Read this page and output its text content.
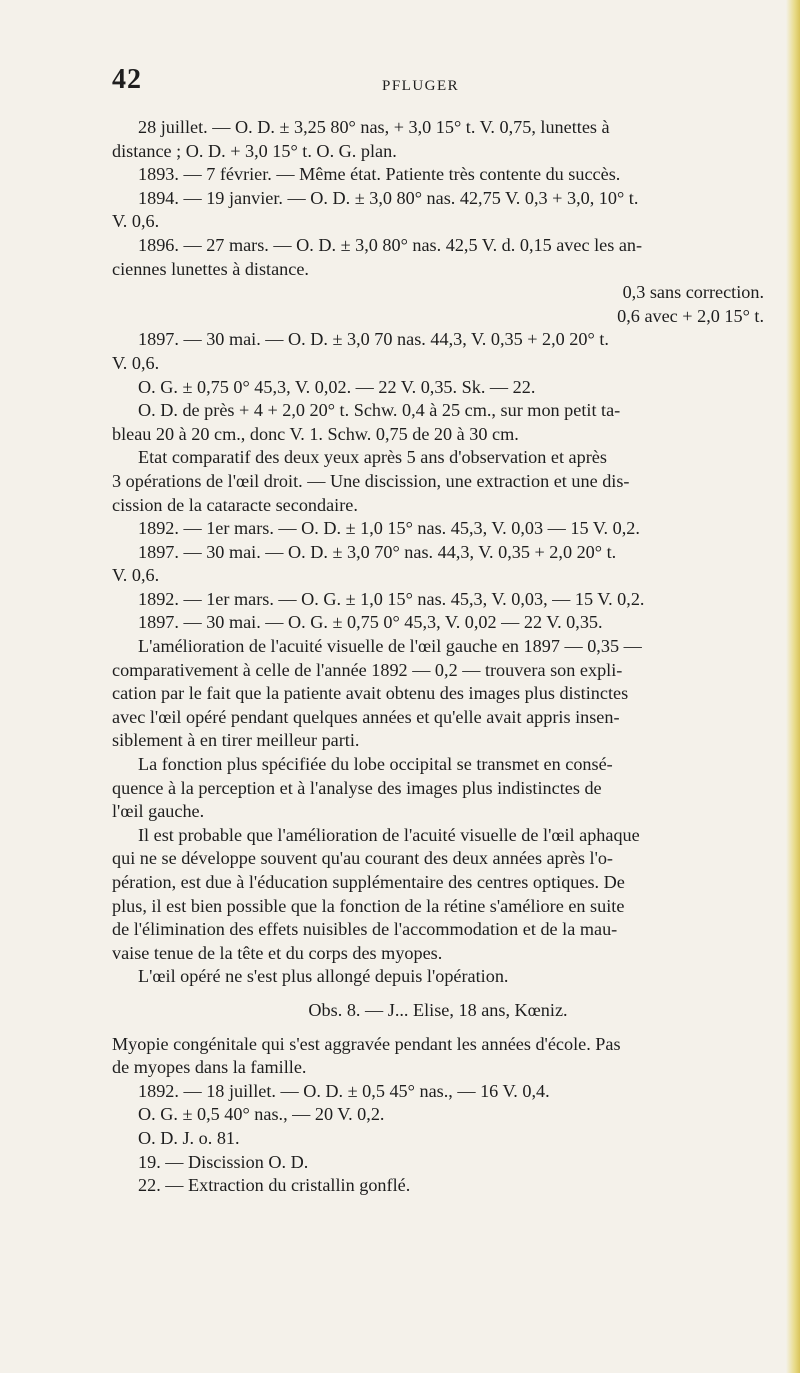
42	PFLUGER
28 juillet. — O. D. ± 3,25 80° nas, + 3,0 15° t. V. 0,75, lunettes à
distance ; O. D. + 3,0 15° t. O. G. plan.
1893. — 7 février. — Même état. Patiente très contente du succès.
1894. — 19 janvier. — O. D. ± 3,0 80° nas. 42,75 V. 0,3 + 3,0, 10° t.
V. 0,6.
1896. — 27 mars. — O. D. ± 3,0 80° nas. 42,5 V. d. 0,15 avec les an-
ciennes lunettes à distance.
0,3 sans correction.
0,6 avec + 2,0 15° t.
1897. — 30 mai. — O. D. ± 3,0 70 nas. 44,3, V. 0,35 + 2,0 20° t.
V. 0,6.
O. G. ± 0,75 0° 45,3, V. 0,02. — 22 V. 0,35. Sk. — 22.
O. D. de près + 4 + 2,0 20° t. Schw. 0,4 à 25 cm., sur mon petit ta-
bleau 20 à 20 cm., donc V. 1. Schw. 0,75 de 20 à 30 cm.
Etat comparatif des deux yeux après 5 ans d'observation et après
3 opérations de l'œil droit. — Une discission, une extraction et une dis-
cission de la cataracte secondaire.
1892. — 1er mars. — O. D. ± 1,0 15° nas. 45,3, V. 0,03 — 15 V. 0,2.
1897. — 30 mai. — O. D. ± 3,0 70° nas. 44,3, V. 0,35 + 2,0 20° t.
V. 0,6.
1892. — 1er mars. — O. G. ± 1,0 15° nas. 45,3, V. 0,03, — 15 V. 0,2.
1897. — 30 mai. — O. G. ± 0,75 0° 45,3, V. 0,02 — 22 V. 0,35.
L'amélioration de l'acuité visuelle de l'œil gauche en 1897 — 0,35 —
comparativement à celle de l'année 1892 — 0,2 — trouvera son expli-
cation par le fait que la patiente avait obtenu des images plus distinctes
avec l'œil opéré pendant quelques années et qu'elle avait appris insen-
siblement à en tirer meilleur parti.
La fonction plus spécifiée du lobe occipital se transmet en consé-
quence à la perception et à l'analyse des images plus indistinctes de
l'œil gauche.
Il est probable que l'amélioration de l'acuité visuelle de l'œil aphaque
qui ne se développe souvent qu'au courant des deux années après l'o-
pération, est due à l'éducation supplémentaire des centres optiques. De
plus, il est bien possible que la fonction de la rétine s'améliore en suite
de l'élimination des effets nuisibles de l'accommodation et de la mau-
vaise tenue de la tête et du corps des myopes.
L'œil opéré ne s'est plus allongé depuis l'opération.
Obs. 8. — J... Elise, 18 ans, Kœniz.
Myopie congénitale qui s'est aggravée pendant les années d'école. Pas
de myopes dans la famille.
1892. — 18 juillet. — O. D. ± 0,5 45° nas., — 16 V. 0,4.
O. G. ± 0,5 40° nas., — 20 V. 0,2.
O. D. J. o. 81.
19. — Discission O. D.
22. — Extraction du cristallin gonflé.
